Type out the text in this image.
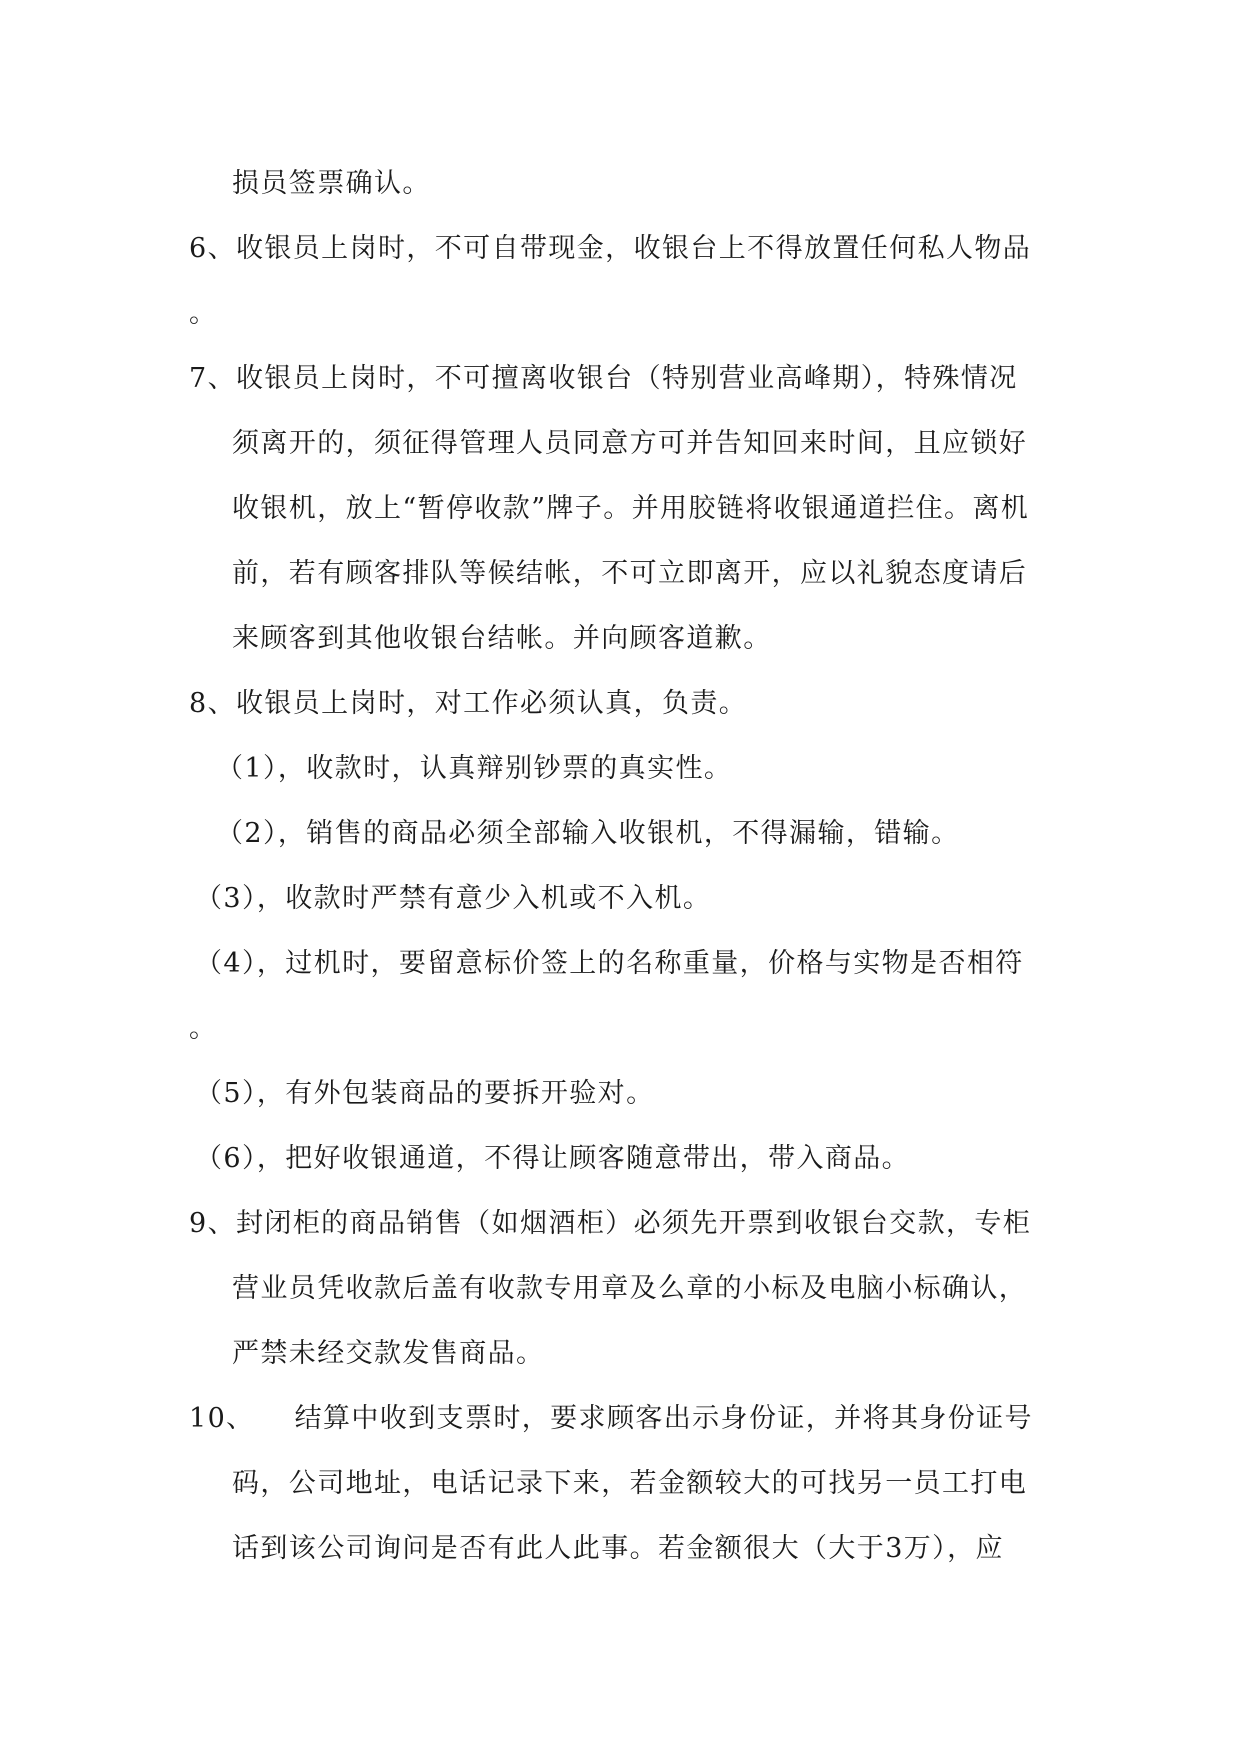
损员签票确认。
6、收银员上岗时，不可自带现金，收银台上不得放置任何私人物品
。
7、收银员上岗时，不可擅离收银台（特别营业高峰期），特殊情况
须离开的，须征得管理人员同意方可并告知回来时间，且应锁好
收银机，放上“暂停收款”牌子。并用胶链将收银通道拦住。离机
前，若有顾客排队等候结帐，不可立即离开，应以礼貌态度请后
来顾客到其他收银台结帐。并向顾客道歉。
8、收银员上岗时，对工作必须认真，负责。
（1），收款时，认真辩别钞票的真实性。
（2），销售的商品必须全部输入收银机，不得漏输，错输。
（3），收款时严禁有意少入机或不入机。
（4），过机时，要留意标价签上的名称重量，价格与实物是否相符
。
（5），有外包装商品的要拆开验对。
（6），把好收银通道，不得让顾客随意带出，带入商品。
9、封闭柜的商品销售（如烟酒柜）必须先开票到收银台交款，专柜
营业员凭收款后盖有收款专用章及么章的小标及电脑小标确认，
严禁未经交款发售商品。
10、 结算中收到支票时，要求顾客出示身份证，并将其身份证号
码，公司地址，电话记录下来，若金额较大的可找另一员工打电
话到该公司询问是否有此人此事。若金额很大（大于3万），应
